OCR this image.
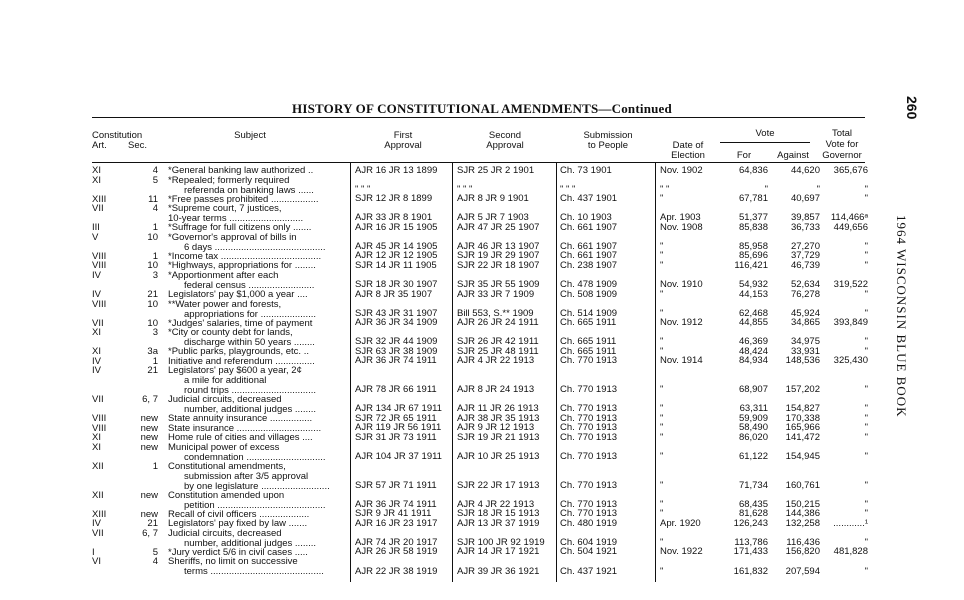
HISTORY OF CONSTITUTIONAL AMENDMENTS—Continued	260
1964 WISCONSIN BLUE BOOK
Constitution
Art. Sec.
Subject	First
Approval
Second
Approval
Submission
to People	Date of
Election
Vote
For	Against
Total
Vote for
Governor
XI	4 *General banking law authorized ..	AJR 16 JR 13 1899	SJR 25 JR 2 1901	Ch. 73 1901	Nov. 1902	64,836	44,620	365,676
XI	5 *Repealed; formerly required
referenda on banking laws ......	" " "	" " "	" " "	" "	"	"	"
XIII	11 *Free passes prohibited ..................	SJR 12 JR 8 1899	AJR 8 JR 9 1901	Ch. 437 1901	"	67,781	40,697	"
VII	4 *Supreme court, 7 justices,
10-year terms ............................	AJR 33 JR 8 1901	AJR 5 JR 7 1903	Ch. 10 1903	Apr. 1903	51,377	39,857	114,466ᵃ
III	1 *Suffrage for full citizens only .......	AJR 16 JR 15 1905	AJR 47 JR 25 1907	Ch. 661 1907	Nov. 1908	85,838	36,733	449,656
V	10 *Governor's approval of bills in
6 days ..........................................	AJR 45 JR 14 1905	AJR 46 JR 13 1907	Ch. 661 1907	"	85,958	27,270	"
VIII	1 *Income tax ......................................	AJR 12 JR 12 1905	SJR 19 JR 29 1907	Ch. 661 1907	"	85,696	37,729	"
VIII	10 *Highways, appropriations for ........	SJR 14 JR 11 1905	SJR 22 JR 18 1907	Ch. 238 1907	"	116,421	46,739	"
IV	3 *Apportionment after each
federal census .........................	SJR 18 JR 30 1907	SJR 35 JR 55 1909	Ch. 478 1909	Nov. 1910	54,932	52,634	319,522
IV	21 Legislators' pay $1,000 a year ....	AJR 8 JR 35 1907	AJR 33 JR 7 1909	Ch. 508 1909	"	44,153	76,278	"
VIII	10 **Water power and forests,
appropriations for .....................	SJR 43 JR 31 1907	Bill 553, S.** 1909	Ch. 514 1909	"	62,468	45,924	"
VII	10 *Judges' salaries, time of payment	AJR 36 JR 34 1909	AJR 26 JR 24 1911	Ch. 665 1911	Nov. 1912	44,855	34,865	393,849
XI	3 *City or county debt for lands,
discharge within 50 years ........	SJR 32 JR 44 1909	SJR 26 JR 42 1911	Ch. 665 1911	"	46,369	34,975	"
XI	3a *Public parks, playgrounds, etc. ..	SJR 63 JR 38 1909	SJR 25 JR 48 1911	Ch. 665 1911	"	48,424	33,931	"
IV	1 Initiative and referendum ...............	AJR 36 JR 74 1911	AJR 4 JR 22 1913	Ch. 770 1913	Nov. 1914	84,934	148,536	325,430
IV	21 Legislators' pay $600 a year, 2¢
a mile for additional
round trips ................................	AJR 78 JR 66 1911	AJR 8 JR 24 1913	Ch. 770 1913	"	68,907	157,202	"
VII	6, 7 Judicial circuits, decreased
number, additional judges ........	AJR 134 JR 67 1911	AJR 11 JR 26 1913	Ch. 770 1913	"	63,311	154,827	"
VIII	new State annuity insurance ................	SJR 72 JR 65 1911	AJR 38 JR 35 1913	Ch. 770 1913	"	59,909	170,338	"
VIII	new State insurance ................................	AJR 119 JR 56 1911	AJR 9 JR 12 1913	Ch. 770 1913	"	58,490	165,966	"
XI	new Home rule of cities and villages ....	SJR 31 JR 73 1911	SJR 19 JR 21 1913	Ch. 770 1913	"	86,020	141,472	"
XI	new Municipal power of excess
condemnation ..............................	AJR 104 JR 37 1911	AJR 10 JR 25 1913	Ch. 770 1913	"	61,122	154,945	"
XII	1 Constitutional amendments,
submission after 3/5 approval
by one legislature ..........................	SJR 57 JR 71 1911	SJR 22 JR 17 1913	Ch. 770 1913	"	71,734	160,761	"
XII	new Constitution amended upon
petition .........................................	AJR 36 JR 74 1911	AJR 4 JR 22 1913	Ch. 770 1913	"	68,435	150,215	"
XIII	new Recall of civil officers ...................	SJR 9 JR 41 1911	SJR 18 JR 15 1913	Ch. 770 1913	"	81,628	144,386	"
IV	21 Legislators' pay fixed by law .......	AJR 16 JR 23 1917	AJR 13 JR 37 1919	Ch. 480 1919	Apr. 1920	126,243	132,258	............¹
VII	6, 7 Judicial circuits, decreased
number, additional judges ........	AJR 74 JR 20 1917	SJR 100 JR 92 1919	Ch. 604 1919	"	113,786	116,436	"
I	5 *Jury verdict 5/6 in civil cases .....	AJR 26 JR 58 1919	AJR 14 JR 17 1921	Ch. 504 1921	Nov. 1922	171,433	156,820	481,828
VI	4 Sheriffs, no limit on successive
terms ...........................................	AJR 22 JR 38 1919	AJR 39 JR 36 1921	Ch. 437 1921	"	161,832	207,594	"
